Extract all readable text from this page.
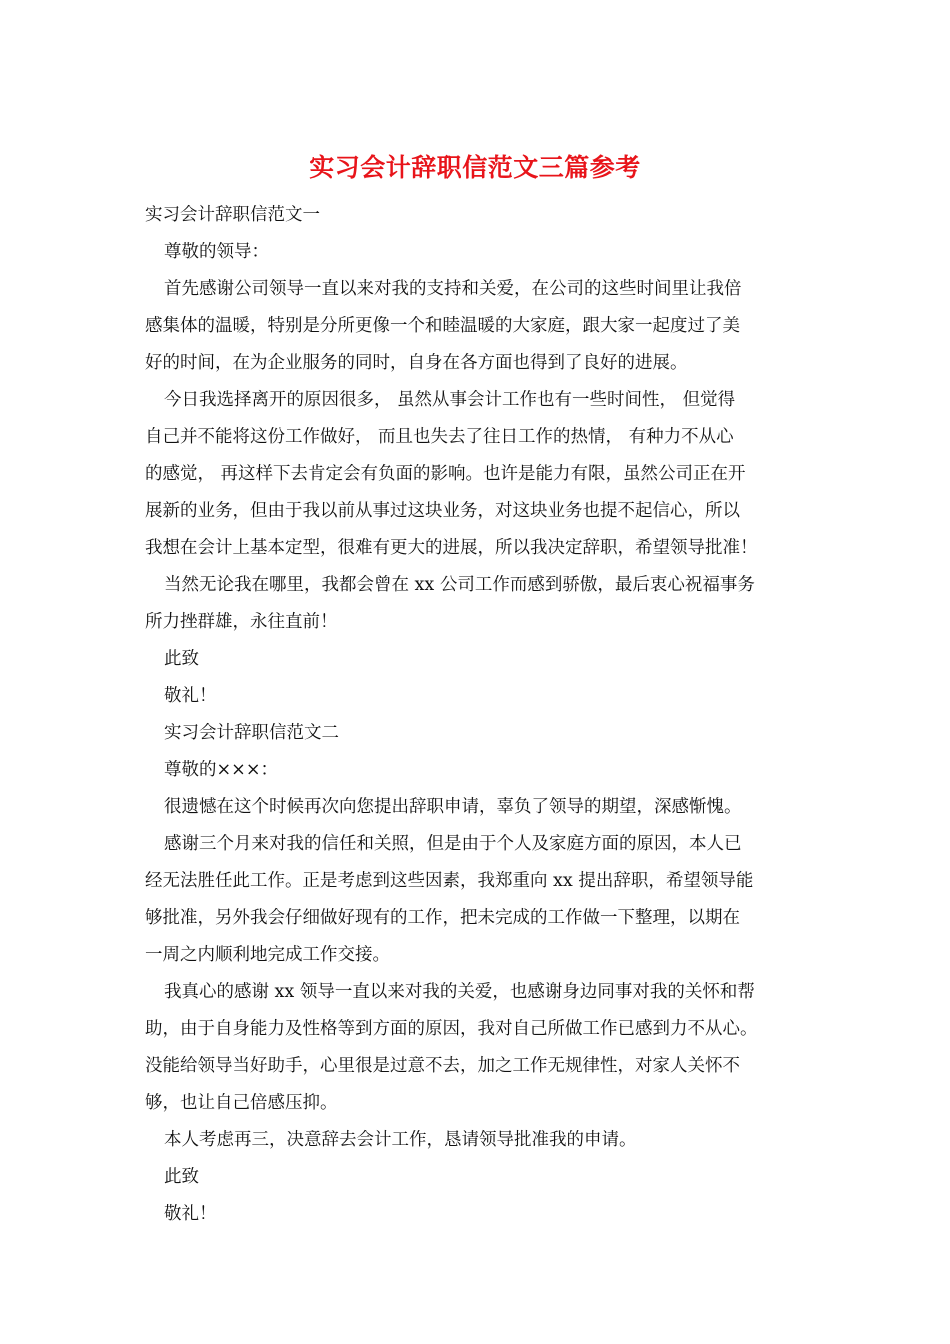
实习会计辞职信范文三篇参考
实习会计辞职信范文一
尊敬的领导：
首先感谢公司领导一直以来对我的支持和关爱，在公司的这些时间里让我倍
感集体的温暖，特别是分所更像一个和睦温暖的大家庭，跟大家一起度过了美
好的时间，在为企业服务的同时，自身在各方面也得到了良好的进展。
今日我选择离开的原因很多， 虽然从事会计工作也有一些时间性， 但觉得
自己并不能将这份工作做好， 而且也失去了往日工作的热情， 有种力不从心
的感觉， 再这样下去肯定会有负面的影响。也许是能力有限，虽然公司正在开
展新的业务，但由于我以前从事过这块业务，对这块业务也提不起信心，所以
我想在会计上基本定型，很难有更大的进展，所以我决定辞职，希望领导批准！
当然无论我在哪里，我都会曾在 xx 公司工作而感到骄傲，最后衷心祝福事务
所力挫群雄，永往直前！
此致
敬礼！
实习会计辞职信范文二
尊敬的×××：
很遗憾在这个时候再次向您提出辞职申请，辜负了领导的期望，深感惭愧。
感谢三个月来对我的信任和关照，但是由于个人及家庭方面的原因，本人已
经无法胜任此工作。正是考虑到这些因素，我郑重向 xx 提出辞职，希望领导能
够批准，另外我会仔细做好现有的工作，把未完成的工作做一下整理，以期在
一周之内顺利地完成工作交接。
我真心的感谢 xx 领导一直以来对我的关爱，也感谢身边同事对我的关怀和帮
助，由于自身能力及性格等到方面的原因，我对自己所做工作已感到力不从心。
没能给领导当好助手，心里很是过意不去，加之工作无规律性，对家人关怀不
够，也让自己倍感压抑。
本人考虑再三，决意辞去会计工作，恳请领导批准我的申请。
此致
敬礼！
